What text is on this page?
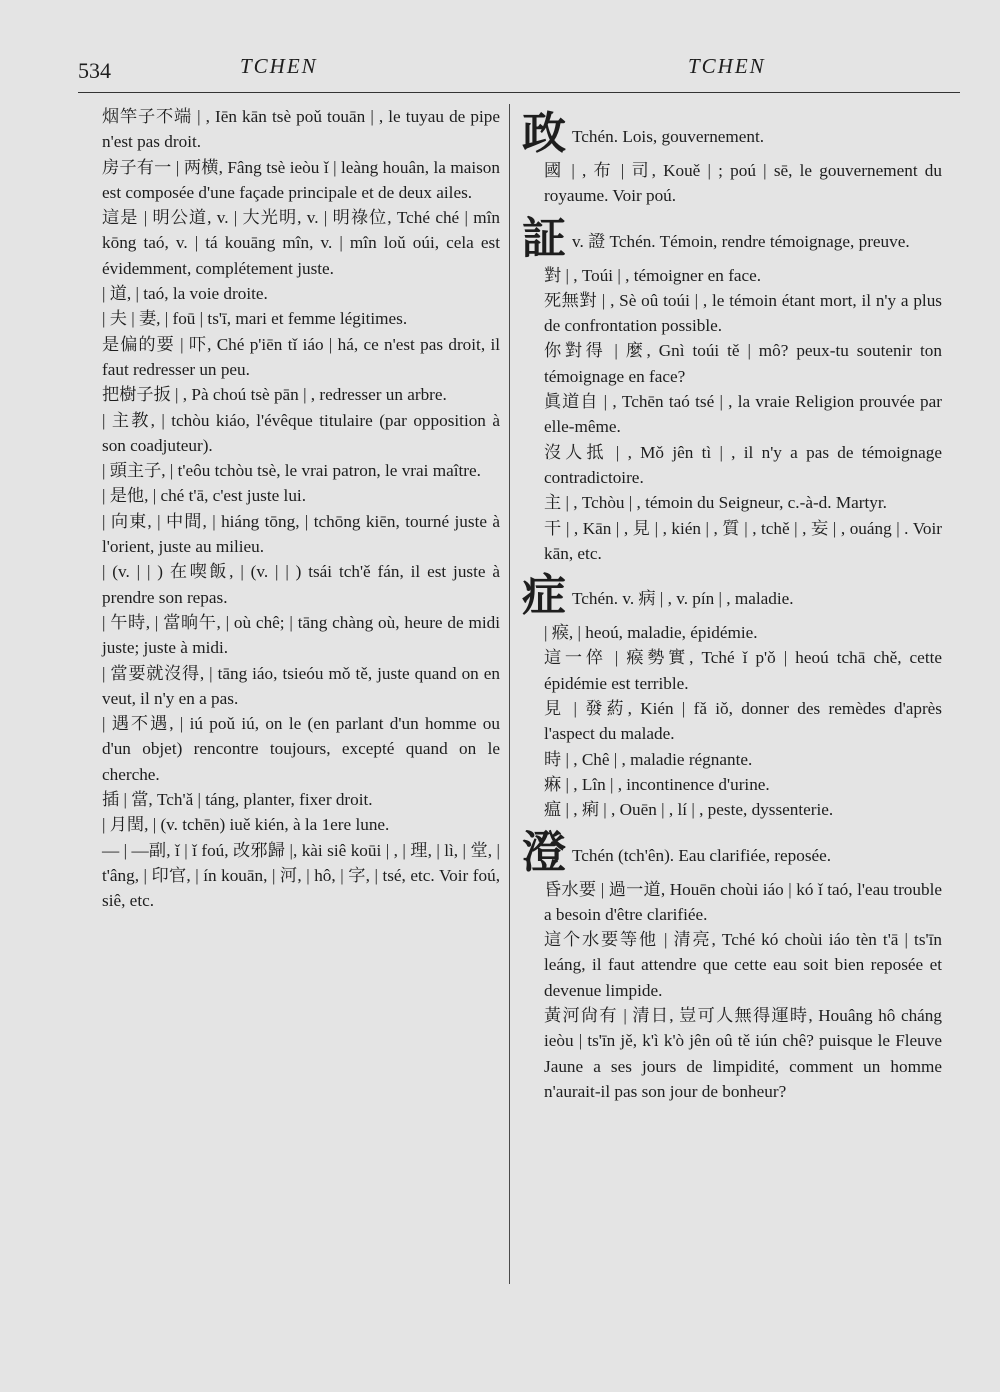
534	TCHEN	TCHEN

烟竿子不端 | , Iēn kān tsè poǔ touān | , le tuyau de pipe n'est pas droit.

房子有一 | 两横, Fâng tsè ieòu ǐ | leàng houân, la maison est composée d'une façade principale et de deux ailes.

這是 | 明公道, v. | 大光明, v. | 明祿位, Tché ché | mîn kōng taó, v. | tá kouāng mîn, v. | mîn loǔ oúi, cela est évidemment, complétement juste.

| 道, | taó, la voie droite.

| 夫 | 妻, | foū | ts'ī, mari et femme légitimes.

是偏的要 | 吓, Ché p'iēn tǐ iáo | há, ce n'est pas droit, il faut redresser un peu.

把樹子扳 | , Pà choú tsè pān | , redresser un arbre.

| 主教, | tchòu kiáo, l'évêque titulaire (par opposition à son coadjuteur).

| 頭主子, | t'eôu tchòu tsè, le vrai patron, le vrai maître.

| 是他, | ché t'ā, c'est juste lui.

| 向東, | 中間, | hiáng tōng, | tchōng kiēn, tourné juste à l'orient, juste au milieu.

| (v. | | ) 在喫飯, | (v. | | ) tsái tch'ě fán, il est juste à prendre son repas.

| 午時, | 當晌午, | où chê; | tāng chàng où, heure de midi juste; juste à midi.

| 當要就沒得, | tāng iáo, tsieóu mǒ tě, juste quand on en veut, il n'y en a pas.

| 遇不遇, | iú poǔ iú, on le (en parlant d'un homme ou d'un objet) rencontre toujours, excepté quand on le cherche.

插 | 當, Tch'ǎ | táng, planter, fixer droit.

| 月閏, | (v. tchēn) iuě kién, à la 1ere lune.

— | —副, ǐ | ǐ foú, 改邪歸 |, kài siê koūi | , | 理, | lì, | 堂, | t'âng, | 印官, | ín kouān, | 河, | hô, | 字, | tsé, etc. Voir foú, siê, etc.

政 Tchén. Lois, gouvernement.

國 | , 布 | 司, Kouě | ; poú | sē, le gouvernement du royaume. Voir poú.

証v. 證 Tchén. Témoin, rendre témoignage, preuve.

對 | , Toúi | , témoigner en face.

死無對 | , Sè oû toúi | , le témoin étant mort, il n'y a plus de confrontation possible.

你對得 | 麼, Gnì toúi tě | mô? peux-tu soutenir ton témoignage en face?

眞道自 | , Tchēn taó tsé | , la vraie Religion prouvée par elle-même.

沒人抵 | , Mǒ jên tì | , il n'y a pas de témoignage contradictoire.

主 | , Tchòu | , témoin du Seigneur, c.-à-d. Martyr.

干 | , Kān | , 見 | , kién | , 質 | , tchě | , 妄 | , ouáng | . Voir kān, etc.

症 Tchén. v. 病 | , v. pín | , maladie.

| 瘊, | heoú, maladie, épidémie.

這一倅 | 瘊勢實, Tché ǐ p'ǒ | heoú tchā chě, cette épidémie est terrible.

見 | 發葯, Kién | fǎ iǒ, donner des remèdes d'après l'aspect du malade.

時 | , Chê | , maladie régnante.

痳 | , Lîn | , incontinence d'urine.

瘟 | , 痢 | , Ouēn | , lí | , peste, dyssenterie.

澄 Tchén (tch'ên). Eau clarifiée, reposée.

昏水要 | 過一道, Houēn choùi iáo | kó ǐ taó, l'eau trouble a besoin d'être clarifiée.

這个水要等他 | 清亮, Tché kó choùi iáo tèn t'ā | ts'īn leáng, il faut attendre que cette eau soit bien reposée et devenue limpide.

黃河尙有 | 清日, 豈可人無得運時, Houâng hô cháng ieòu | ts'īn jě, k'ì k'ò jên oû tě iún chê? puisque le Fleuve Jaune a ses jours de limpidité, comment un homme n'aurait-il pas son jour de bonheur?
